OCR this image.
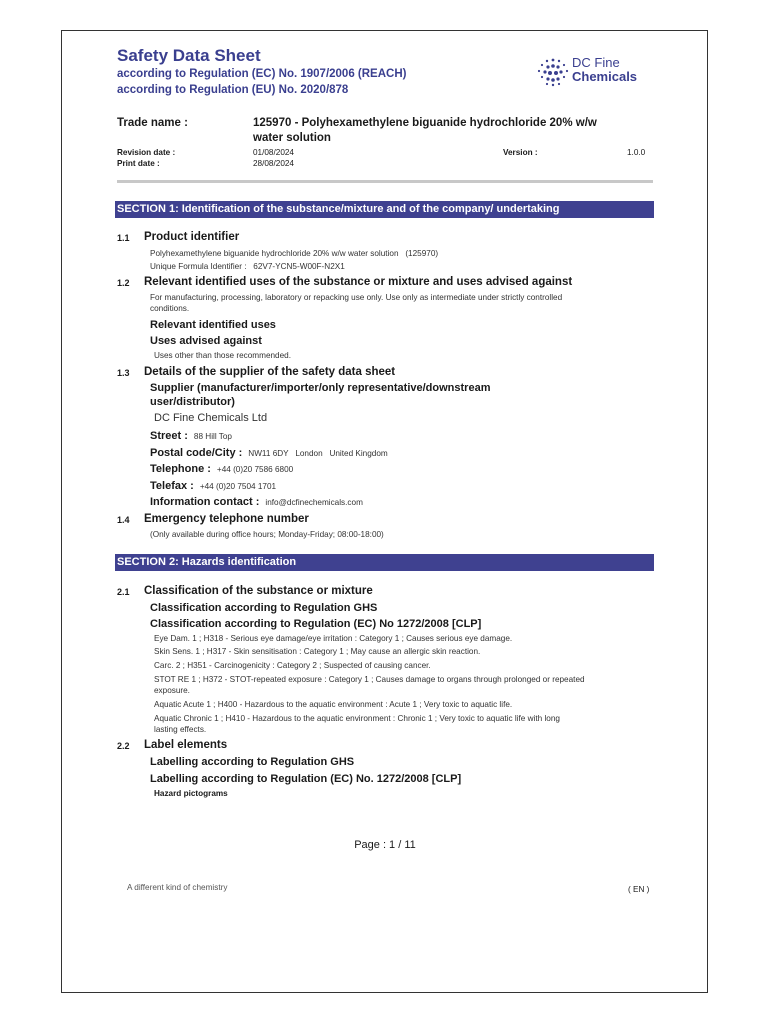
Safety Data Sheet
according to Regulation (EC) No. 1907/2006 (REACH)
according to Regulation (EU) No. 2020/878
DC Fine
Chemicals
Trade name :	125970 - Polyhexamethylene biguanide hydrochloride 20% w/w
water solution
Revision date :	01/08/2024	Version :	1.0.0
Print date :	28/08/2024
SECTION 1: Identification of the substance/mixture and of the company/ undertaking
1.1 Product identifier
Polyhexamethylene biguanide hydrochloride 20% w/w water solution   (125970)
Unique Formula Identifier :   62V7-YCN5-W00F-N2X1
1.2 Relevant identified uses of the substance or mixture and uses advised against
For manufacturing, processing, laboratory or repacking use only. Use only as intermediate under strictly controlled
conditions.
Relevant identified uses
Uses advised against
Uses other than those recommended.
1.3 Details of the supplier of the safety data sheet
Supplier (manufacturer/importer/only representative/downstream
user/distributor)
DC Fine Chemicals Ltd
Street : 88 Hill Top
Postal code/City : NW11 6DY   London   United Kingdom
Telephone : +44 (0)20 7586 6800
Telefax : +44 (0)20 7504 1701
Information contact : info@dcfinechemicals.com
1.4 Emergency telephone number
(Only available during office hours; Monday-Friday; 08:00-18:00)
SECTION 2: Hazards identification
2.1 Classification of the substance or mixture
Classification according to Regulation GHS
Classification according to Regulation (EC) No 1272/2008 [CLP]
Eye Dam. 1 ; H318 - Serious eye damage/eye irritation : Category 1 ; Causes serious eye damage.
Skin Sens. 1 ; H317 - Skin sensitisation : Category 1 ; May cause an allergic skin reaction.
Carc. 2 ; H351 - Carcinogenicity : Category 2 ; Suspected of causing cancer.
STOT RE 1 ; H372 - STOT-repeated exposure : Category 1 ; Causes damage to organs through prolonged or repeated
exposure.
Aquatic Acute 1 ; H400 - Hazardous to the aquatic environment : Acute 1 ; Very toxic to aquatic life.
Aquatic Chronic 1 ; H410 - Hazardous to the aquatic environment : Chronic 1 ; Very toxic to aquatic life with long
lasting effects.
2.2 Label elements
Labelling according to Regulation GHS
Labelling according to Regulation (EC) No. 1272/2008 [CLP]
Hazard pictograms
Page : 1 / 11
A different kind of chemistry	( EN )
